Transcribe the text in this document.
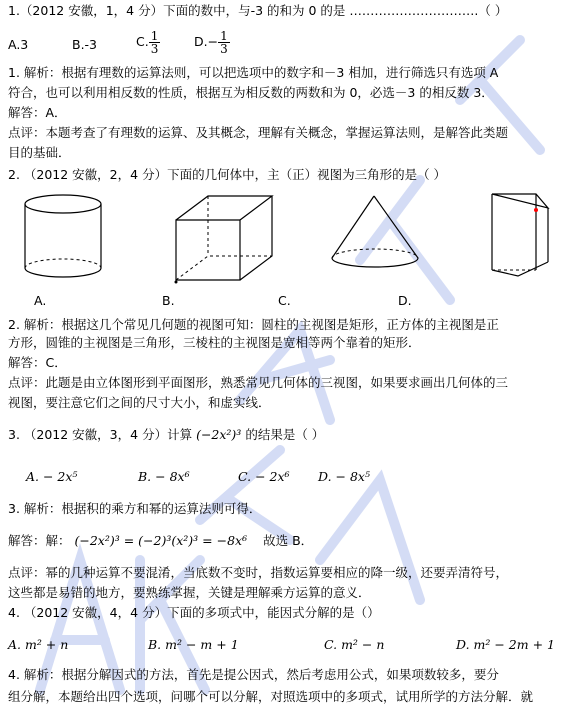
1.（2012 安徽，1，4 分）下面的数中，与-3 的和为 0 的是 ………………………….（ ）
A.3	B.-3	C. $\frac{1}{3}$	$D.- \frac{1}{3}$
1. 解析：根据有理数的运算法则，可以把选项中的数字和－3 相加，进行筛选只有选项 A
符合，也可以利用相反数的性质，根据互为相反数的两数和为 0，必选－3 的相反数 3．
解答：A．
点评：本题考查了有理数的运算、及其概念，理解有关概念，掌握运算法则，是解答此类题
目的基础．
2. （2012 安徽，2，4 分）下面的几何体中，主（正）视图为三角形的是（ ）
A.	B.	C.	D.
2. 解析：根据这几个常见几何题的视图可知：圆柱的主视图是矩形，正方体的主视图是正
方形，圆锥的主视图是三角形，三棱柱的主视图是宽相等两个靠着的矩形．
解答：C．
点评：此题是由立体图形到平面图形，熟悉常见几何体的三视图，如果要求画出几何体的三
视图，要注意它们之间的尺寸大小，和虚实线．
3. （2012 安徽，3，4 分）计算 (−2x²)³ 的结果是（ ）
A. − 2x⁵	B. − 8x⁶	C. − 2x⁶ D. − 8x⁵
3. 解析：根据积的乘方和幂的运算法则可得．
解答：解： (−2x²)³ = (−2)³(x²)³ = −8x⁶ 故选 B．
点评：幂的几种运算不要混淆，当底数不变时，指数运算要相应的降一级，还要弄清符号，
这些都是易错的地方，要熟练掌握，关键是理解乘方运算的意义．
4. （2012 安徽，4，4 分）下面的多项式中，能因式分解的是（）
A. m² + n	B. m² − m + 1	C. m² − n	D. m² − 2m + 1
4. 解析：根据分解因式的方法，首先是提公因式，然后考虑用公式，如果项数较多，要分
组分解，本题给出四个选项，问哪个可以分解，对照选项中的多项式，试用所学的方法分解．就
